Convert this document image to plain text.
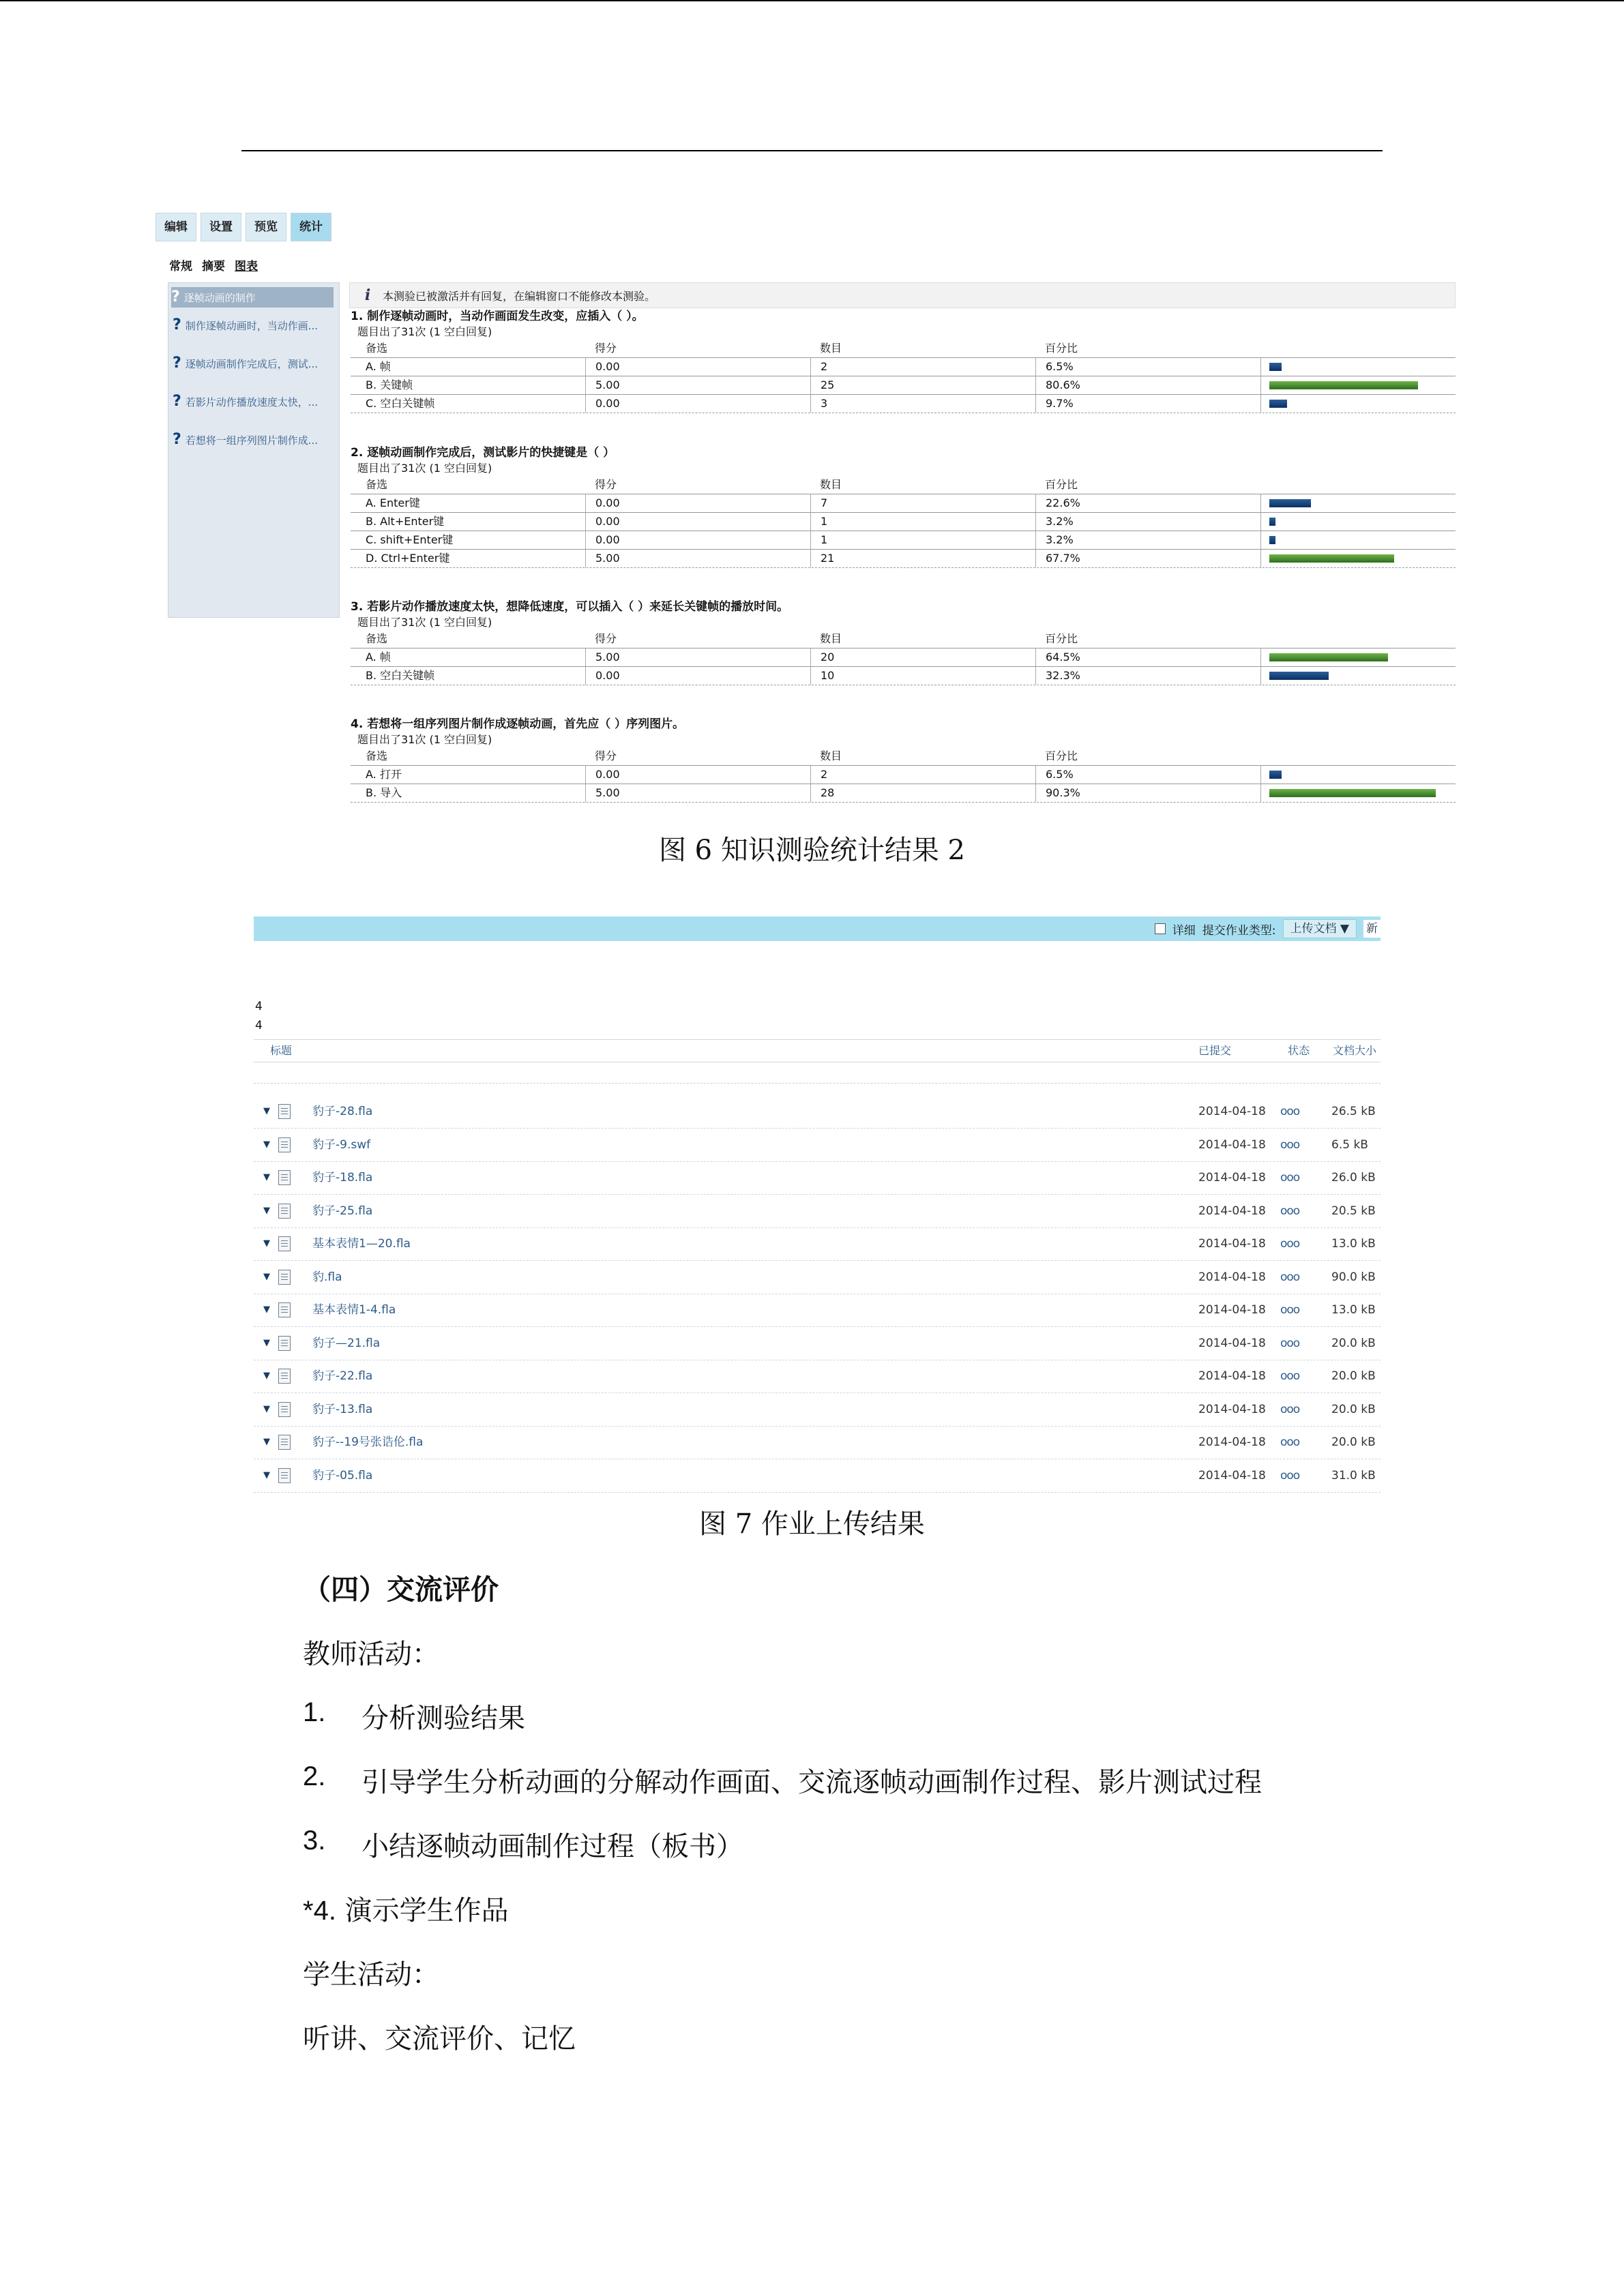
编辑	设置	预览	统计
常规 摘要 图表
? 逐帧动画的制作
? 制作逐帧动画时，当动作画...
? 逐帧动画制作完成后，测试...
? 若影片动作播放速度太快，...
? 若想将一组序列图片制作成...
i 本测验已被激活并有回复，在编辑窗口不能修改本测验。
1. 制作逐帧动画时，当动作画面发生改变，应插入（ ）。
题目出了31次 (1 空白回复)
备选	得分	数目	百分比
A. 帧	0.00	2	6.5%
B. 关键帧	5.00	25	80.6%
C. 空白关键帧	0.00	3	9.7%
2. 逐帧动画制作完成后，测试影片的快捷键是（ ）
题目出了31次 (1 空白回复)
备选	得分	数目	百分比
A. Enter键	0.00	7	22.6%
B. Alt+Enter键	0.00	1	3.2%
C. shift+Enter键	0.00	1	3.2%
D. Ctrl+Enter键	5.00	21	67.7%
3. 若影片动作播放速度太快，想降低速度，可以插入（ ）来延长关键帧的播放时间。
题目出了31次 (1 空白回复)
备选	得分	数目	百分比
A. 帧	5.00	20	64.5%
B. 空白关键帧	0.00	10	32.3%
4. 若想将一组序列图片制作成逐帧动画，首先应（ ）序列图片。
题目出了31次 (1 空白回复)
备选	得分	数目	百分比
A. 打开	0.00	2	6.5%
B. 导入	5.00	28	90.3%
图 6 知识测验统计结果 2
详细 提交作业类型:	上传文档 ▼	新
4
4
标题	已提交	状态 文档大小
▼	豹子-28.fla	2014-04-18 ooo	26.5 kB
▼	豹子-9.swf	2014-04-18 ooo	6.5 kB
▼	豹子-18.fla	2014-04-18 ooo	26.0 kB
▼	豹子-25.fla	2014-04-18 ooo	20.5 kB
▼	基本表情1—20.fla	2014-04-18 ooo	13.0 kB
▼	豹.fla	2014-04-18 ooo	90.0 kB
▼	基本表情1-4.fla	2014-04-18 ooo	13.0 kB
▼	豹子—21.fla	2014-04-18 ooo	20.0 kB
▼	豹子-22.fla	2014-04-18 ooo	20.0 kB
▼	豹子-13.fla	2014-04-18 ooo	20.0 kB
▼	豹子--19号张诰伦.fla	2014-04-18 ooo	20.0 kB
▼	豹子-05.fla	2014-04-18 ooo	31.0 kB
图 7 作业上传结果
（四）交流评价
教师活动：
1. 分析测验结果
2. 引导学生分析动画的分解动作画面、交流逐帧动画制作过程、影片测试过程
3. 小结逐帧动画制作过程（板书）
*4. 演示学生作品
学生活动：
听讲、交流评价、记忆
